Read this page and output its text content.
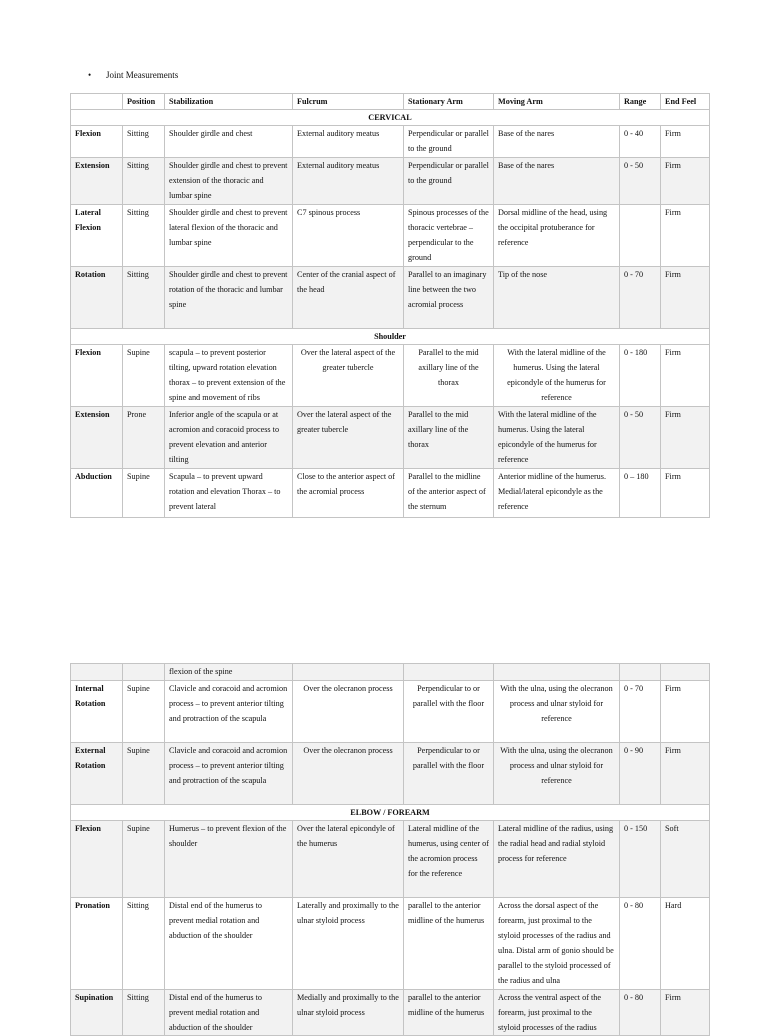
• Joint Measurements
	Position	Stabilization	Fulcrum	Stationary Arm	Moving Arm	Range	End Feel
CERVICAL							
Flexion	Sitting	Shoulder girdle and chest	External auditory meatus	Perpendicular or parallel to the ground	Base of the nares	0 - 40	Firm
Extension	Sitting	Shoulder girdle and chest to prevent extension of the thoracic and lumbar spine	External auditory meatus	Perpendicular or parallel to the ground	Base of the nares	0 - 50	Firm
Lateral Flexion	Sitting	Shoulder girdle and chest to prevent lateral flexion of the thoracic and lumbar spine	C7 spinous process	Spinous processes of the thoracic vertebrae – perpendicular to the ground	Dorsal midline of the head, using the occipital protuberance for reference		Firm
Rotation	Sitting	Shoulder girdle and chest to prevent rotation of the thoracic and lumbar spine	Center of the cranial aspect of the head	Parallel to an imaginary line between the two acromial process	Tip of the nose	0 - 70	Firm
Shoulder							
Flexion	Supine	scapula – to prevent posterior tilting, upward rotation elevation thorax – to prevent extension of the spine and movement of ribs	Over the lateral aspect of the greater tubercle	Parallel to the mid axillary line of the thorax	With the lateral midline of the humerus. Using the lateral epicondyle of the humerus for reference	0 - 180	Firm
Extension	Prone	Inferior angle of the scapula or at acromion and coracoid process to prevent elevation and anterior tilting	Over the lateral aspect of the greater tubercle	Parallel to the mid axillary line of the thorax	With the lateral midline of the humerus. Using the lateral epicondyle of the humerus for reference	0 - 50	Firm
Abduction	Supine	Scapula – to prevent upward rotation and elevation Thorax – to prevent lateral	Close to the anterior aspect of the acromial process	Parallel to the midline of the anterior aspect of the sternum	Anterior midline of the humerus. Medial/lateral epicondyle as the reference	0 – 180	Firm
		flexion of the spine					
Internal Rotation	Supine	Clavicle and coracoid and acromion process – to prevent anterior tilting and protraction of the scapula	Over the olecranon process	Perpendicular to or parallel with the floor	With the ulna, using the olecranon process and ulnar styloid for reference	0 - 70	Firm
External Rotation	Supine	Clavicle and coracoid and acromion process – to prevent anterior tilting and protraction of the scapula	Over the olecranon process	Perpendicular to or parallel with the floor	With the ulna, using the olecranon process and ulnar styloid for reference	0 - 90	Firm
ELBOW / FOREARM							
Flexion	Supine	Humerus – to prevent flexion of the shoulder	Over the lateral epicondyle of the humerus	Lateral midline of the humerus, using center of the acromion process for the reference	Lateral midline of the radius, using the radial head and radial styloid process for reference	0 - 150	Soft
Pronation	Sitting	Distal end of the humerus to prevent medial rotation and abduction of the shoulder	Laterally and proximally to the ulnar styloid process	parallel to the anterior midline of the humerus	Across the dorsal aspect of the forearm, just proximal to the styloid processes of the radius and ulna. Distal arm of gonio should be parallel to the styloid processed of the radius and ulna	0 - 80	Hard
Supination	Sitting	Distal end of the humerus to prevent medial rotation and abduction of the shoulder	Medially and proximally to the ulnar styloid process	parallel to the anterior midline of the humerus	Across the ventral aspect of the forearm, just proximal to the styloid processes of the radius	0 - 80	Firm
